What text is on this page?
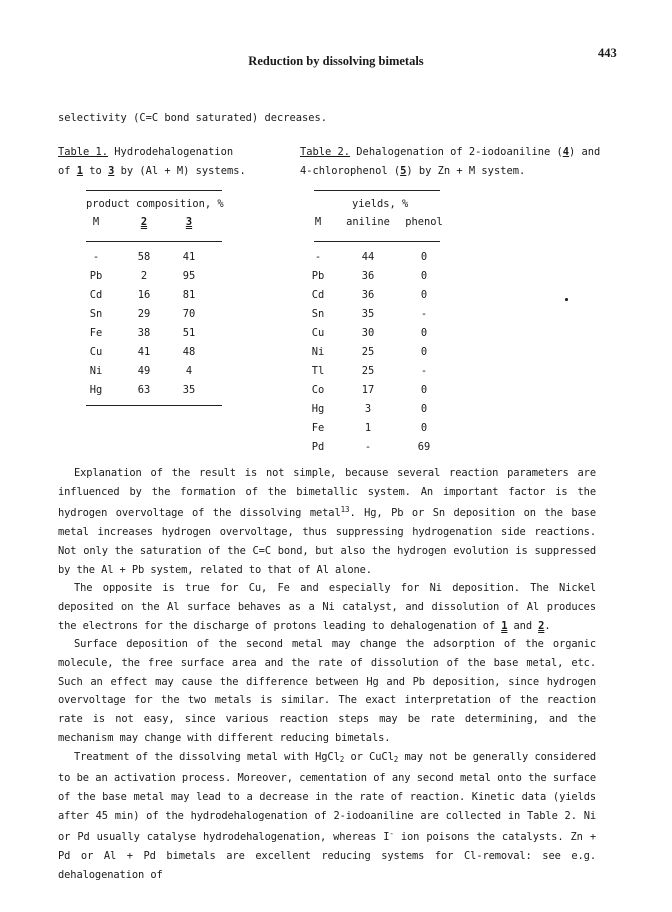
Reduction by dissolving bimetals
443
selectivity (C=C bond saturated) decreases.
Table 1. Hydrodehalogenation
of 1 to 3 by (Al + M) systems.
Table 2. Dehalogenation of 2-iodoaniline (4) and
4-chlorophenol (5) by Zn + M system.
product composition, %
M	2	3
-	58	41
Pb	2	95
Cd	16	81
Sn	29	70
Fe	38	51
Cu	41	48
Ni	49	4
Hg	63	35
yields, %
M	aniline	phenol
-	44	0
Pb	36	0
Cd	36	0
Sn	35	-
Cu	30	0
Ni	25	0
Tl	25	-
Co	17	0
Hg	3	0
Fe	1	0
Pd	-	69

Explanation of the result is not simple, because several reaction parameters are influenced by the formation of the bimetallic system. An important factor is the hydrogen overvoltage of the dissolving metal$^{13}$. Hg, Pb or Sn deposition on the base metal increases hydrogen overvoltage, thus suppressing hydrogenation side reactions. Not only the saturation of the C=C bond, but also the hydrogen evolution is suppressed by the Al + Pb system, related to that of Al alone.

The opposite is true for Cu, Fe and especially for Ni deposition. The Nickel deposited on the Al surface behaves as a Ni catalyst, and dissolution of Al produces the electrons for the discharge of protons leading to dehalogenation of 1 and 2.

Surface deposition of the second metal may change the adsorption of the organic molecule, the free surface area and the rate of dissolution of the base metal, etc. Such an effect may cause the difference between Hg and Pb deposition, since hydrogen overvoltage for the two metals is similar. The exact interpretation of the reaction rate is not easy, since various reaction steps may be rate determining, and the mechanism may change with different reducing bimetals.

Treatment of the dissolving metal with HgCl$_2$ or CuCl$_2$ may not be generally considered to be an activation process. Moreover, cementation of any second metal onto the surface of the base metal may lead to a decrease in the rate of reaction. Kinetic data (yields after 45 min) of the hydrodehalogenation of 2-iodoaniline are collected in Table 2. Ni or Pd usually catalyse hydrodehalogenation, whereas I- ion poisons the catalysts. Zn + Pd or Al + Pd bimetals are excellent reducing systems for Cl-removal: see e.g. dehalogenation of
